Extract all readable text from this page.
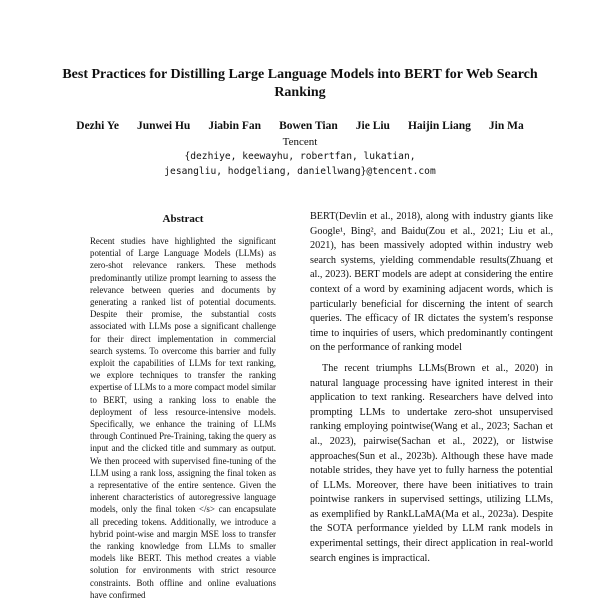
Best Practices for Distilling Large Language Models into BERT for Web Search Ranking
Dezhi Ye Junwei Hu Jiabin Fan Bowen Tian Jie Liu Haijin Liang Jin Ma
Tencent
{dezhiye, keewayhu, robertfan, lukatian,
jesangliu, hodgeliang, daniellwang}@tencent.com
Abstract
Recent studies have highlighted the significant potential of Large Language Models (LLMs) as zero-shot relevance rankers. These methods predominantly utilize prompt learning to assess the relevance between queries and documents by generating a ranked list of potential documents. Despite their promise, the substantial costs associated with LLMs pose a significant challenge for their direct implementation in commercial search systems. To overcome this barrier and fully exploit the capabilities of LLMs for text ranking, we explore techniques to transfer the ranking expertise of LLMs to a more compact model similar to BERT, using a ranking loss to enable the deployment of less resource-intensive models. Specifically, we enhance the training of LLMs through Continued Pre-Training, taking the query as input and the clicked title and summary as output. We then proceed with supervised fine-tuning of the LLM using a rank loss, assigning the final token as a representative of the entire sentence. Given the inherent characteristics of autoregressive language models, only the final token </s> can encapsulate all preceding tokens. Additionally, we introduce a hybrid point-wise and margin MSE loss to transfer the ranking knowledge from LLMs to smaller models like BERT. This method creates a viable solution for environments with strict resource constraints. Both offline and online evaluations have confirmed

BERT(Devlin et al., 2018), along with industry giants like Google¹, Bing², and Baidu(Zou et al., 2021; Liu et al., 2021), has been massively adopted within industry web search systems, yielding commendable results(Zhuang et al., 2023). BERT models are adept at considering the entire context of a word by examining adjacent words, which is particularly beneficial for discerning the intent of search queries. The efficacy of IR dictates the system's response time to inquiries of users, which predominantly contingent on the performance of ranking model

The recent triumphs LLMs(Brown et al., 2020) in natural language processing have ignited interest in their application to text ranking. Researchers have delved into prompting LLMs to undertake zero-shot unsupervised ranking employing pointwise(Wang et al., 2023; Sachan et al., 2023), pairwise(Sachan et al., 2022), or listwise approaches(Sun et al., 2023b). Although these have made notable strides, they have yet to fully harness the potential of LLMs. Moreover, there have been initiatives to train pointwise rankers in supervised settings, utilizing LLMs, as exemplified by RankLLaMA(Ma et al., 2023a). Despite the SOTA performance yielded by LLM rank models in experimental settings, their direct application in real-world search engines is impractical.
